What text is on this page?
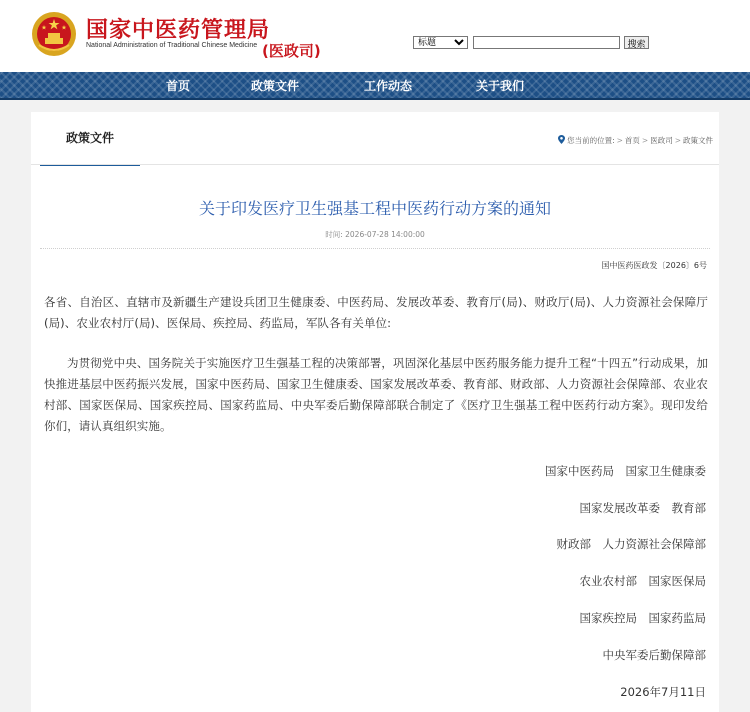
国家中医药管理局
National Administration of Traditional Chinese Medicine (医政司)
标题	搜索
首页	政策文件	工作动态	关于我们
政策文件	您当前的位置: > 首页 > 医政司 > 政策文件
关于印发医疗卫生强基工程中医药行动方案的通知
时间: 2026-07-28 14:00:00
国中医药医政发〔2026〕6号
各省、自治区、直辖市及新疆生产建设兵团卫生健康委、中医药局、发展改革委、教育厅(局)、财政厅(局)、人力资源社会保障厅(局)、农业农村厅(局)、医保局、疾控局、药监局，军队各有关单位:
为贯彻党中央、国务院关于实施医疗卫生强基工程的决策部署，巩固深化基层中医药服务能力提升工程“十四五”行动成果，加快推进基层中医药振兴发展，国家中医药局、国家卫生健康委、国家发展改革委、教育部、财政部、人力资源社会保障部、农业农村部、国家医保局、国家疾控局、国家药监局、中央军委后勤保障部联合制定了《医疗卫生强基工程中医药行动方案》。现印发给你们，请认真组织实施。
国家中医药局　国家卫生健康委
国家发展改革委　教育部
财政部　人力资源社会保障部
农业农村部　国家医保局
国家疾控局　国家药监局
中央军委后勤保障部
2026年7月11日
